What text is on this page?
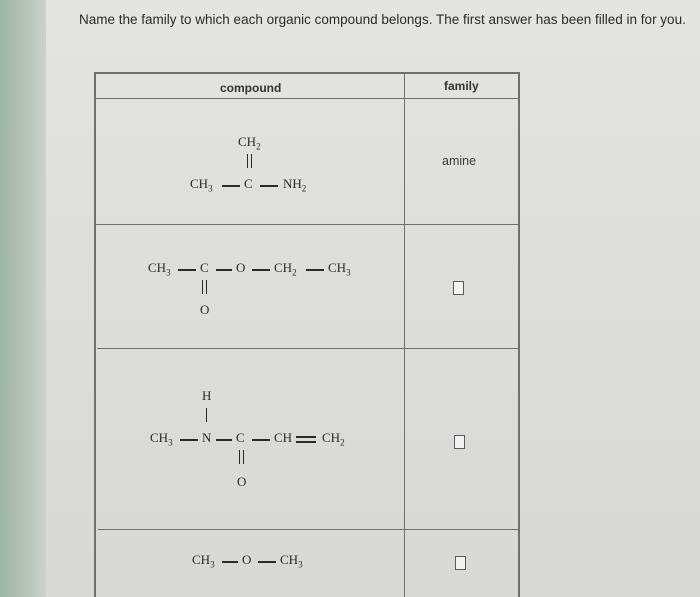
Name the family to which each organic compound belongs. The first answer has been filled in for you.
compound	family
$CH_2$
$CH_3$ C $NH_2$
amine
$CH_3$ C O $CH_2$ $CH_3$
O
H
$CH_3$ N C CH $CH_2$
O
$CH_3$ O $CH_3$
